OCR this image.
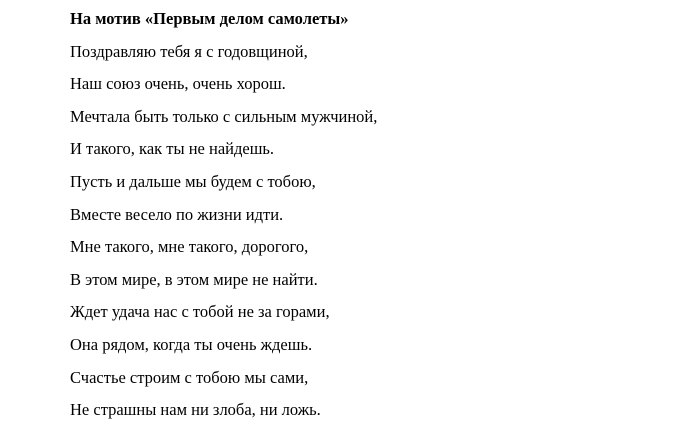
На мотив «Первым делом самолеты»
Поздравляю тебя я с годовщиной,
Наш союз очень, очень хорош.
Мечтала быть только с сильным мужчиной,
И такого, как ты не найдешь.
Пусть и дальше мы будем с тобою,
Вместе весело по жизни идти.
Мне такого, мне такого, дорогого,
В этом мире, в этом мире не найти.
Ждет удача нас с тобой не за горами,
Она рядом, когда ты очень ждешь.
Счастье строим с тобою мы сами,
Не страшны нам ни злоба, ни ложь.
